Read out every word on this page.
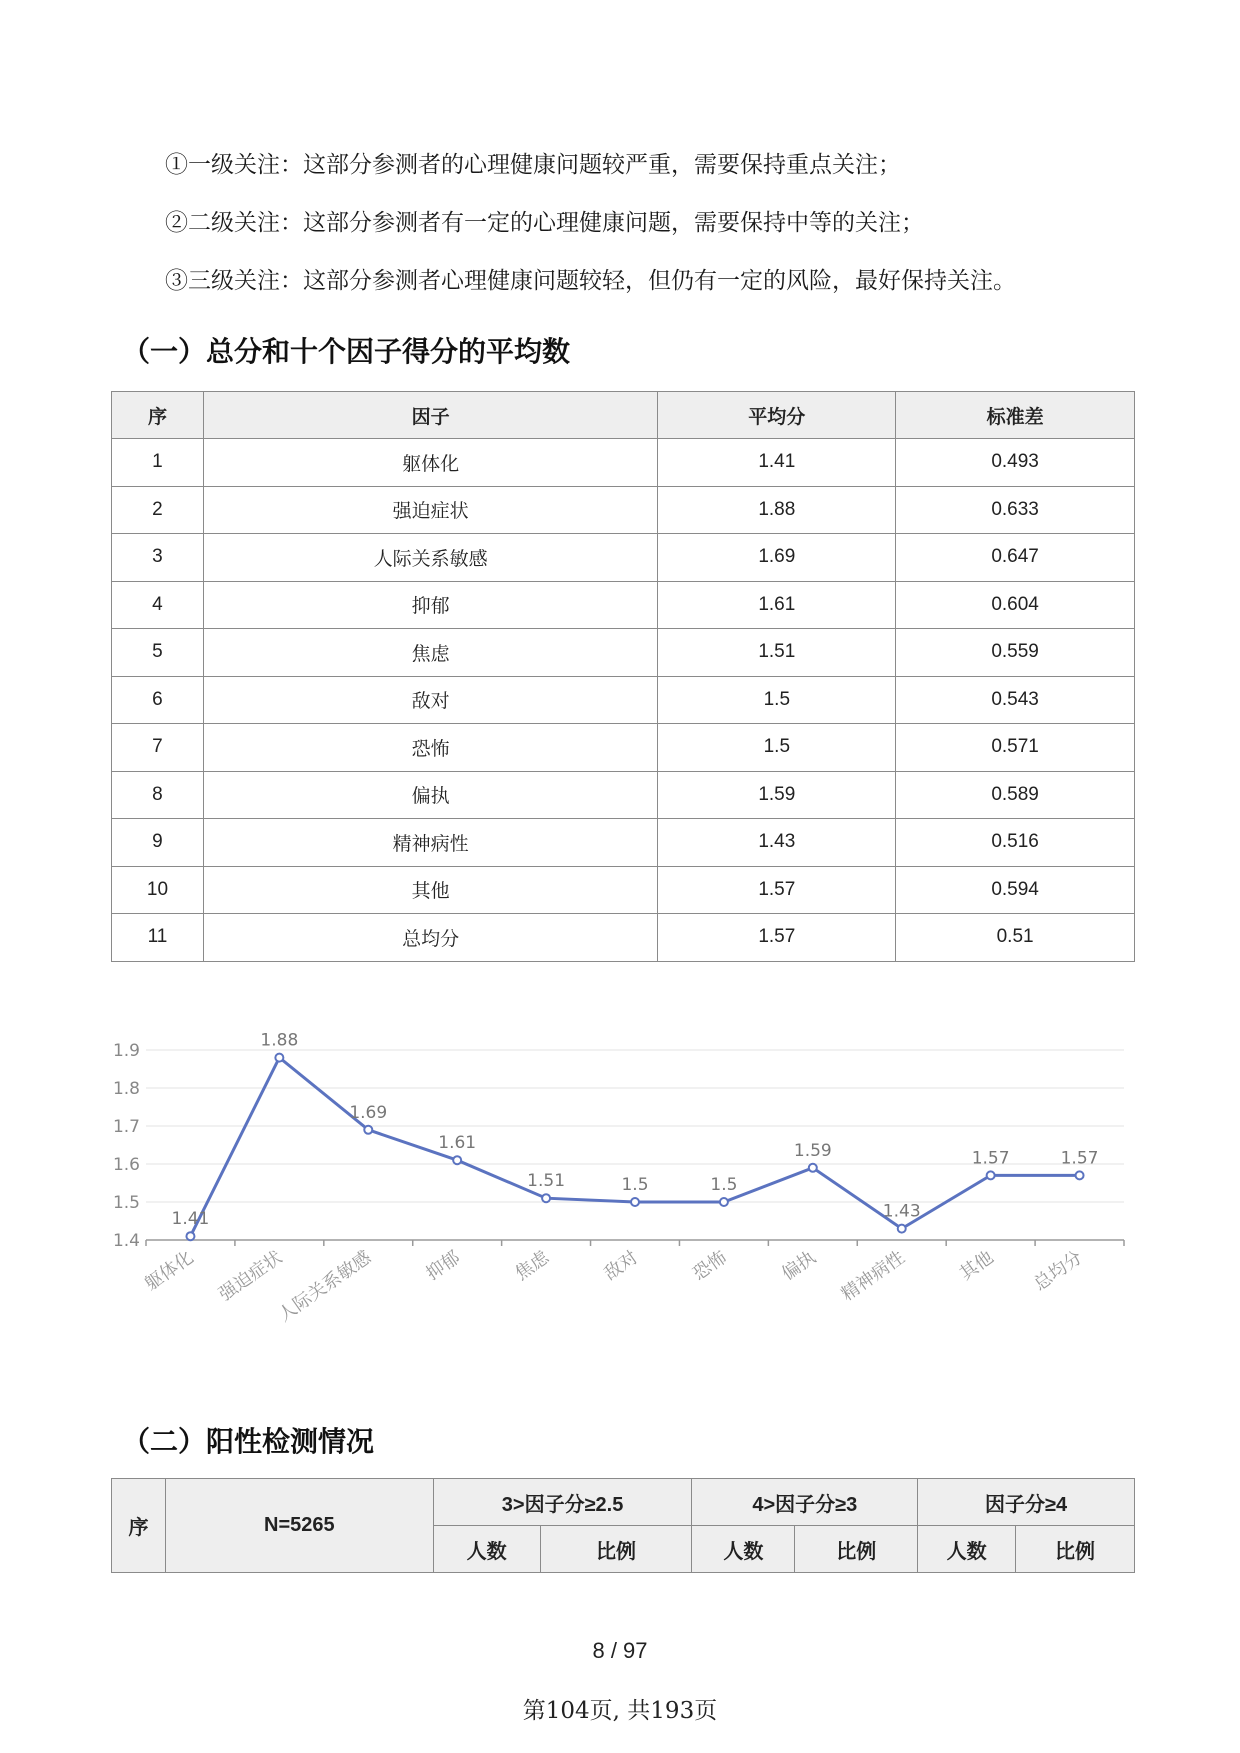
①一级关注：这部分参测者的心理健康问题较严重，需要保持重点关注；

②二级关注：这部分参测者有一定的心理健康问题，需要保持中等的关注；

③三级关注：这部分参测者心理健康问题较轻，但仍有一定的风险，最好保持关注。

（一）总分和十个因子得分的平均数
序	因子	平均分	标准差
1	躯体化	1.41	0.493
2	强迫症状	1.88	0.633
3	人际关系敏感	1.69	0.647
4	抑郁	1.61	0.604
5	焦虑	1.51	0.559
6	敌对	1.5	0.543
7	恐怖	1.5	0.571
8	偏执	1.59	0.589
9	精神病性	1.43	0.516
10	其他	1.57	0.594
11	总均分	1.57	0.51
1.4
1.5
1.6
1.7
1.8
1.9
1.41
躯体化
1.88
强迫症状
1.69
人际关系敏感
1.61
抑郁
1.51
焦虑
1.5
敌对
1.5
恐怖
1.59
偏执
1.43
精神病性
1.57
其他
1.57
总均分
（二）阳性检测情况
序	N=5265	3>因子分≥2.5		4>因子分≥3		因子分≥4	
		人数	比例	人数	比例	人数	比例
8 / 97
第104页, 共193页
